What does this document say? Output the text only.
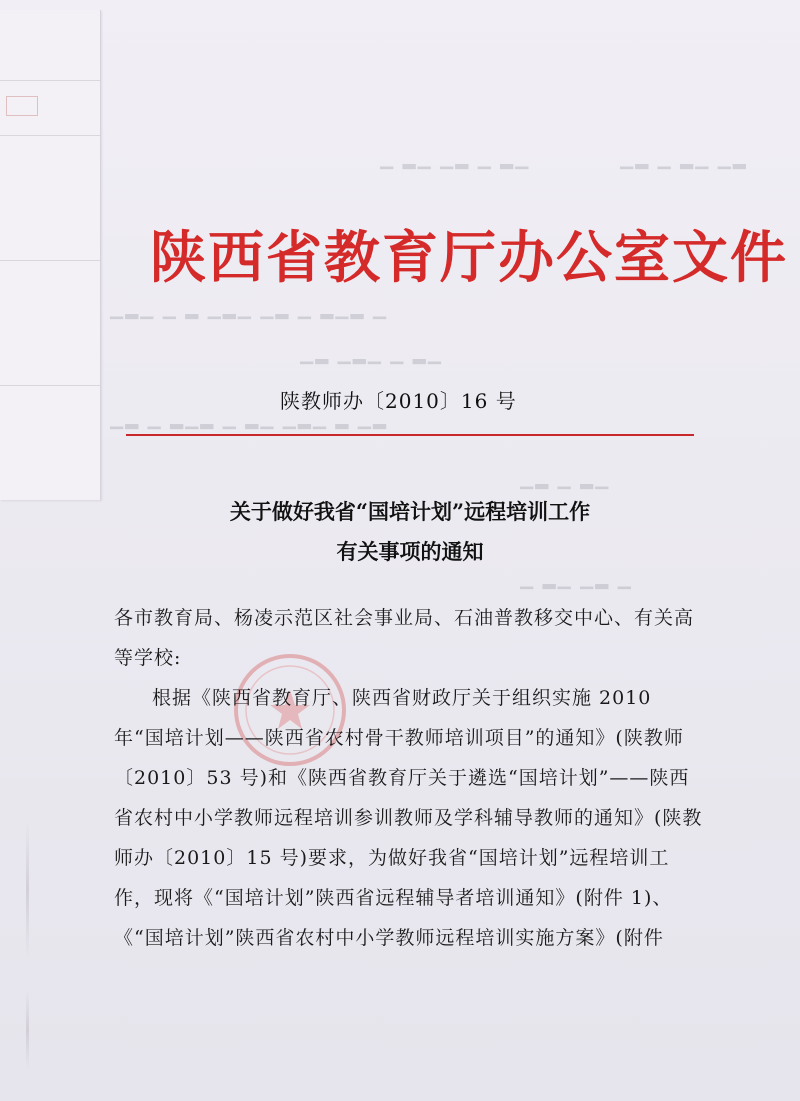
▁▂ ▁ ▂▁ ▁▂
▁ ▂▁ ▁▂ ▁ ▂▁
▁▂▁ ▁ ▂ ▁▂▁ ▁▂ ▁ ▂▁▂ ▁
▁▂ ▁▂▁ ▁ ▂▁
▁▂ ▁ ▂▁▂ ▁ ▂▁ ▁▂▁ ▂ ▁▂
▁▂ ▁ ▂▁
▁ ▂▁ ▁▂ ▁
陕西省教育厅办公室文件
陕教师办〔2010〕16 号
关于做好我省“国培计划”远程培训工作
有关事项的通知
各市教育局、杨凌示范区社会事业局、石油普教移交中心、有关高等学校:
根据《陕西省教育厅、陕西省财政厅关于组织实施 2010 年“国培计划——陕西省农村骨干教师培训项目”的通知》(陕教师〔2010〕53 号)和《陕西省教育厅关于遴选“国培计划”——陕西省农村中小学教师远程培训参训教师及学科辅导教师的通知》(陕教师办〔2010〕15 号)要求，为做好我省“国培计划”远程培训工作，现将《“国培计划”陕西省远程辅导者培训通知》(附件 1)、《“国培计划”陕西省农村中小学教师远程培训实施方案》(附件
